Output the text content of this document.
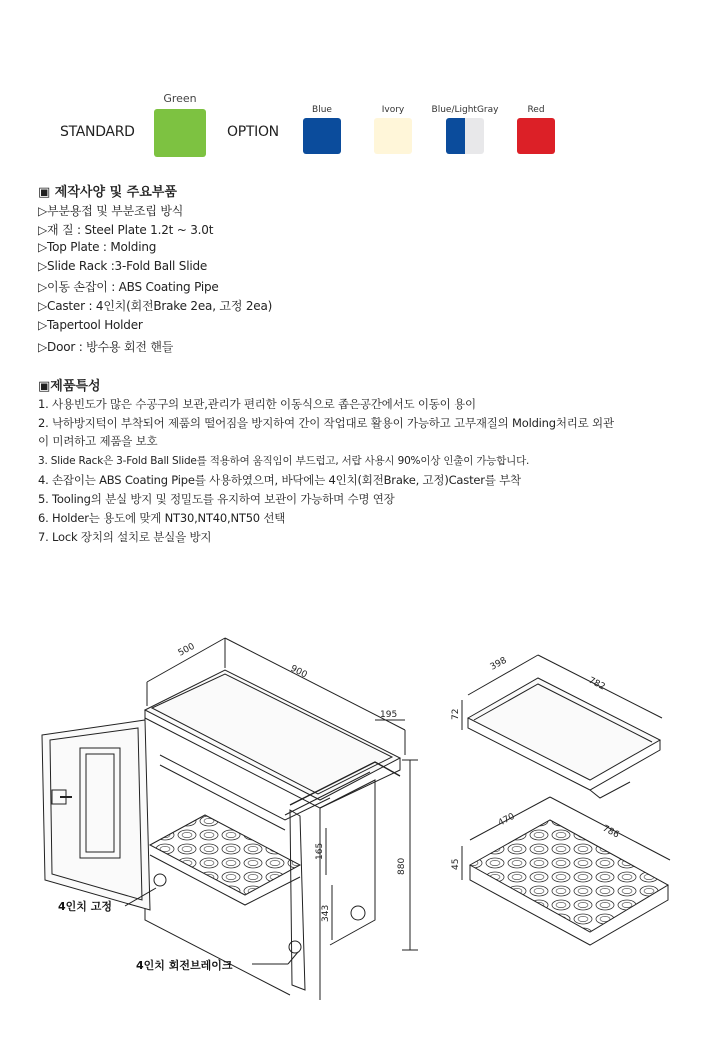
STANDARD
Green
OPTION
Blue	Ivory	Blue/LightGray	Red
▣ 제작사양 및 주요부품
▷부분용접 및 부분조립 방식
▷재 질 : Steel Plate 1.2t ~ 3.0t
▷Top Plate : Molding
▷Slide Rack :3-Fold Ball Slide
▷이동 손잡이 : ABS Coating Pipe
▷Caster : 4인치(회전Brake 2ea, 고정 2ea)
▷Tapertool Holder
▷Door : 방수용 회전 핸들
▣제품특성
1. 사용빈도가 많은 수공구의 보관,관리가 편리한 이동식으로 좁은공간에서도 이동이 용이
2. 낙하방지턱이 부착되어 제품의 떨어짐을 방지하여 간이 작업대로 활용이 가능하고 고무재질의 Molding처리로 외관
이 미려하고 제품을 보호
3. Slide Rack은 3-Fold Ball Slide를 적용하여 움직임이 부드럽고, 서랍 사용시 90%이상 인출이 가능합니다.
4. 손잡이는 ABS Coating Pipe를 사용하였으며, 바닥에는 4인치(회전Brake, 고정)Caster를 부착
5. Tooling의 분실 방지 및 정밀도를 유지하여 보관이 가능하며 수명 연장
6. Holder는 용도에 맞게 NT30,NT40,NT50 선택
7. Lock 장치의 설치로 분실을 방지
500
900
195
880
343
165
398
782
72
470
786
45
4인치 고정
4인치 회전브레이크
